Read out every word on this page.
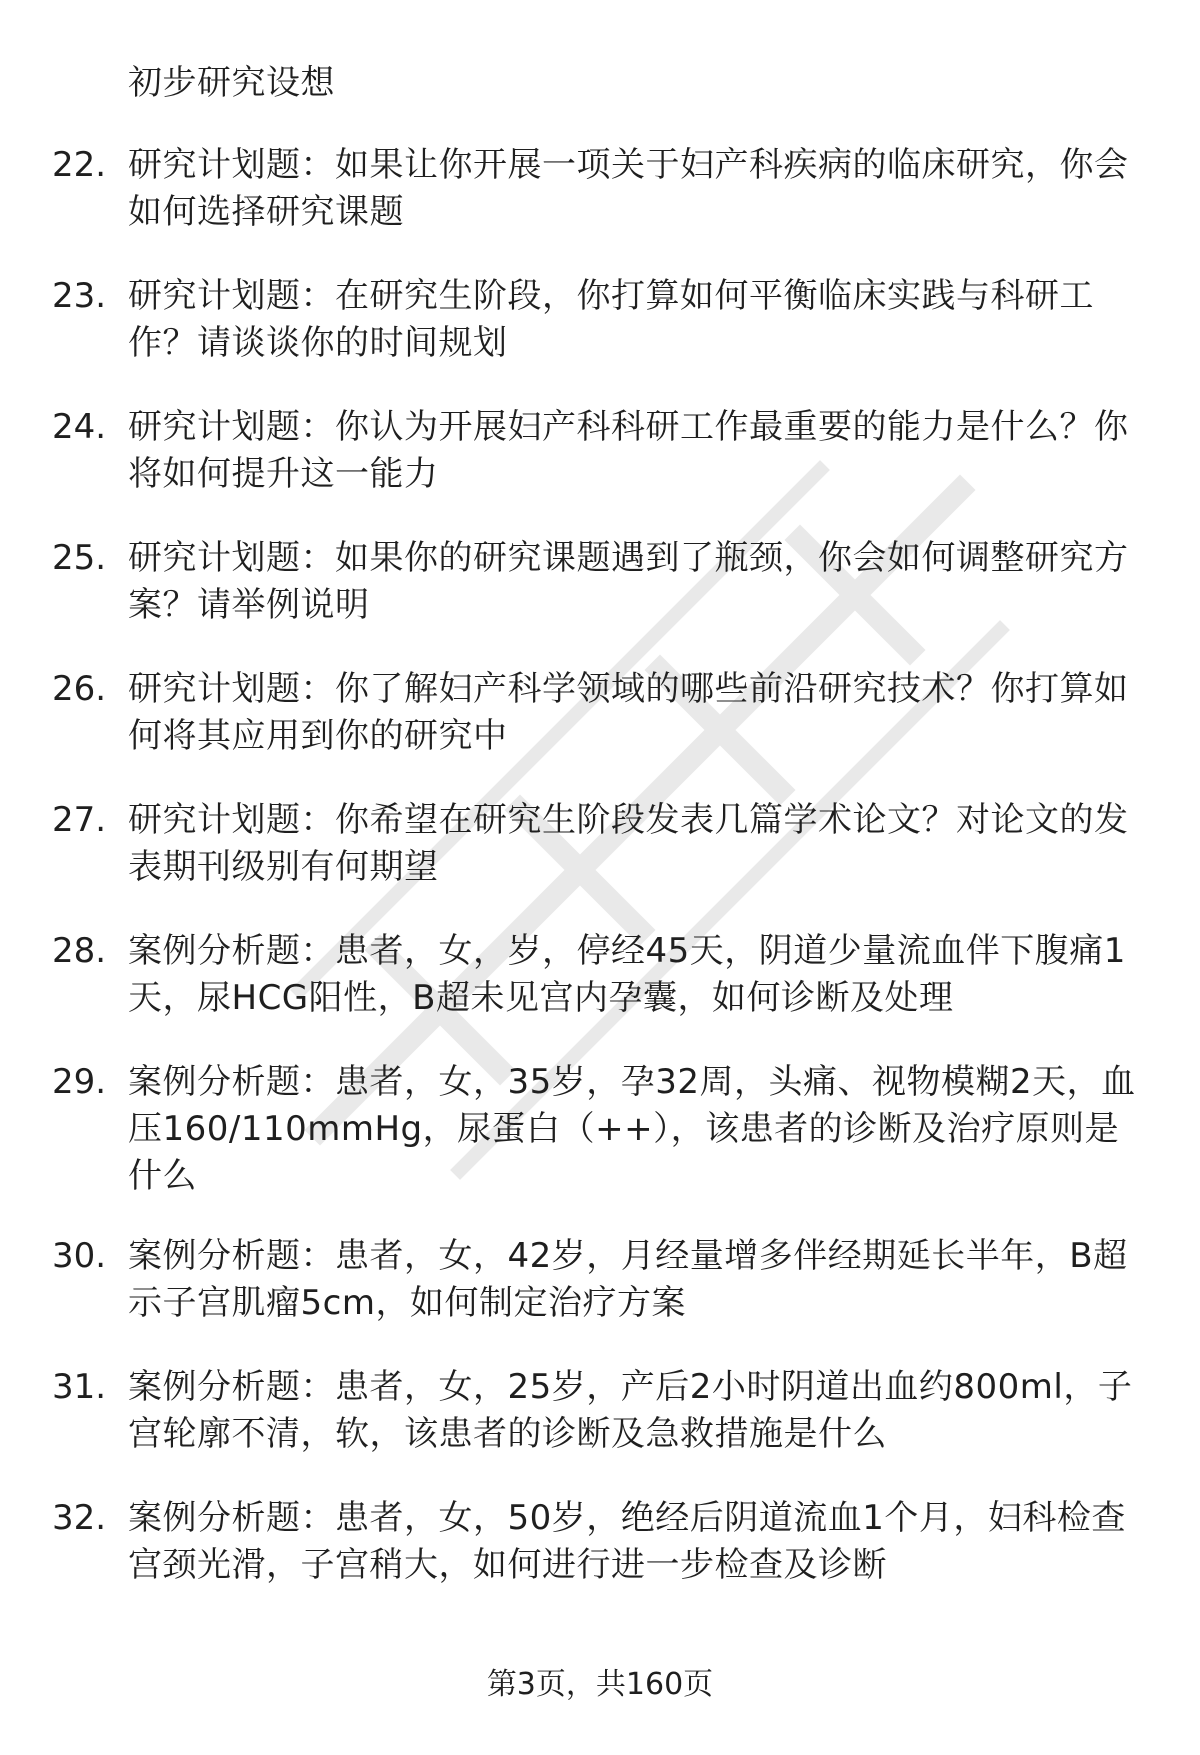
初步研究设想

22. 研究计划题：如果让你开展一项关于妇产科疾病的临床研究，你会如何选择研究课题

23. 研究计划题：在研究生阶段，你打算如何平衡临床实践与科研工作？请谈谈你的时间规划

24. 研究计划题：你认为开展妇产科科研工作最重要的能力是什么？你将如何提升这一能力

25. 研究计划题：如果你的研究课题遇到了瓶颈，你会如何调整研究方案？请举例说明

26. 研究计划题：你了解妇产科学领域的哪些前沿研究技术？你打算如何将其应用到你的研究中

27. 研究计划题：你希望在研究生阶段发表几篇学术论文？对论文的发表期刊级别有何期望

28. 案例分析题：患者，女，岁，停经45天，阴道少量流血伴下腹痛1天，尿HCG阳性，B超未见宫内孕囊，如何诊断及处理

29. 案例分析题：患者，女，35岁，孕32周，头痛、视物模糊2天，血压160/110mmHg，尿蛋白（++），该患者的诊断及治疗原则是什么

30. 案例分析题：患者，女，42岁，月经量增多伴经期延长半年，B超示子宫肌瘤5cm，如何制定治疗方案

31. 案例分析题：患者，女，25岁，产后2小时阴道出血约800ml，子宫轮廓不清，软，该患者的诊断及急救措施是什么

32. 案例分析题：患者，女，50岁，绝经后阴道流血1个月，妇科检查宫颈光滑，子宫稍大，如何进行进一步检查及诊断

第3页，共160页
